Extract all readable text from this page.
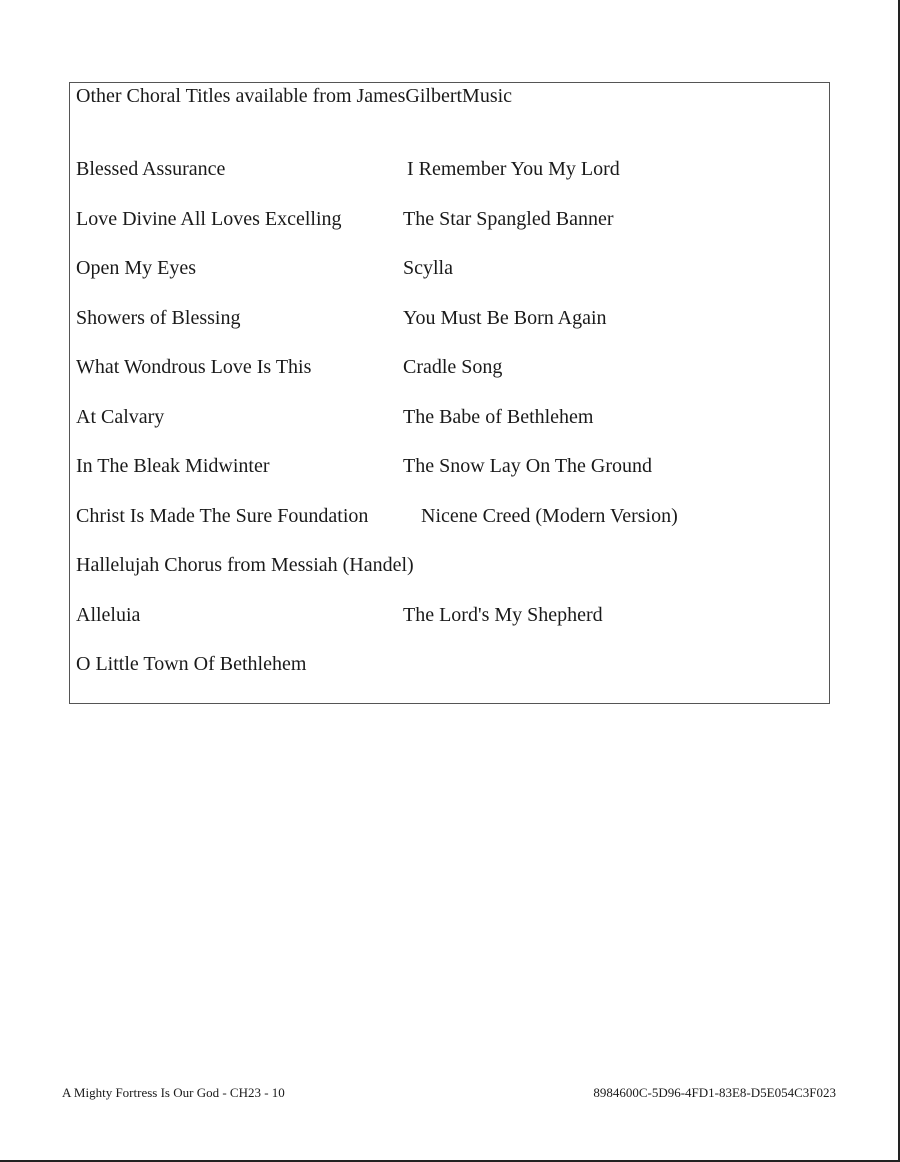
Other Choral Titles available from JamesGilbertMusic
Blessed Assurance	I Remember You My Lord
Love Divine All Loves Excelling	The Star Spangled Banner
Open My Eyes	Scylla
Showers of Blessing	You Must Be Born Again
What Wondrous Love Is This	Cradle Song
At Calvary	The Babe of Bethlehem
In The Bleak Midwinter	The Snow Lay On The Ground
Christ Is Made The Sure Foundation	Nicene Creed (Modern Version)
Hallelujah Chorus from Messiah (Handel)
Alleluia	The Lord's My Shepherd
O Little Town Of Bethlehem
A Mighty Fortress Is Our God - CH23 - 10	8984600C-5D96-4FD1-83E8-D5E054C3F023
